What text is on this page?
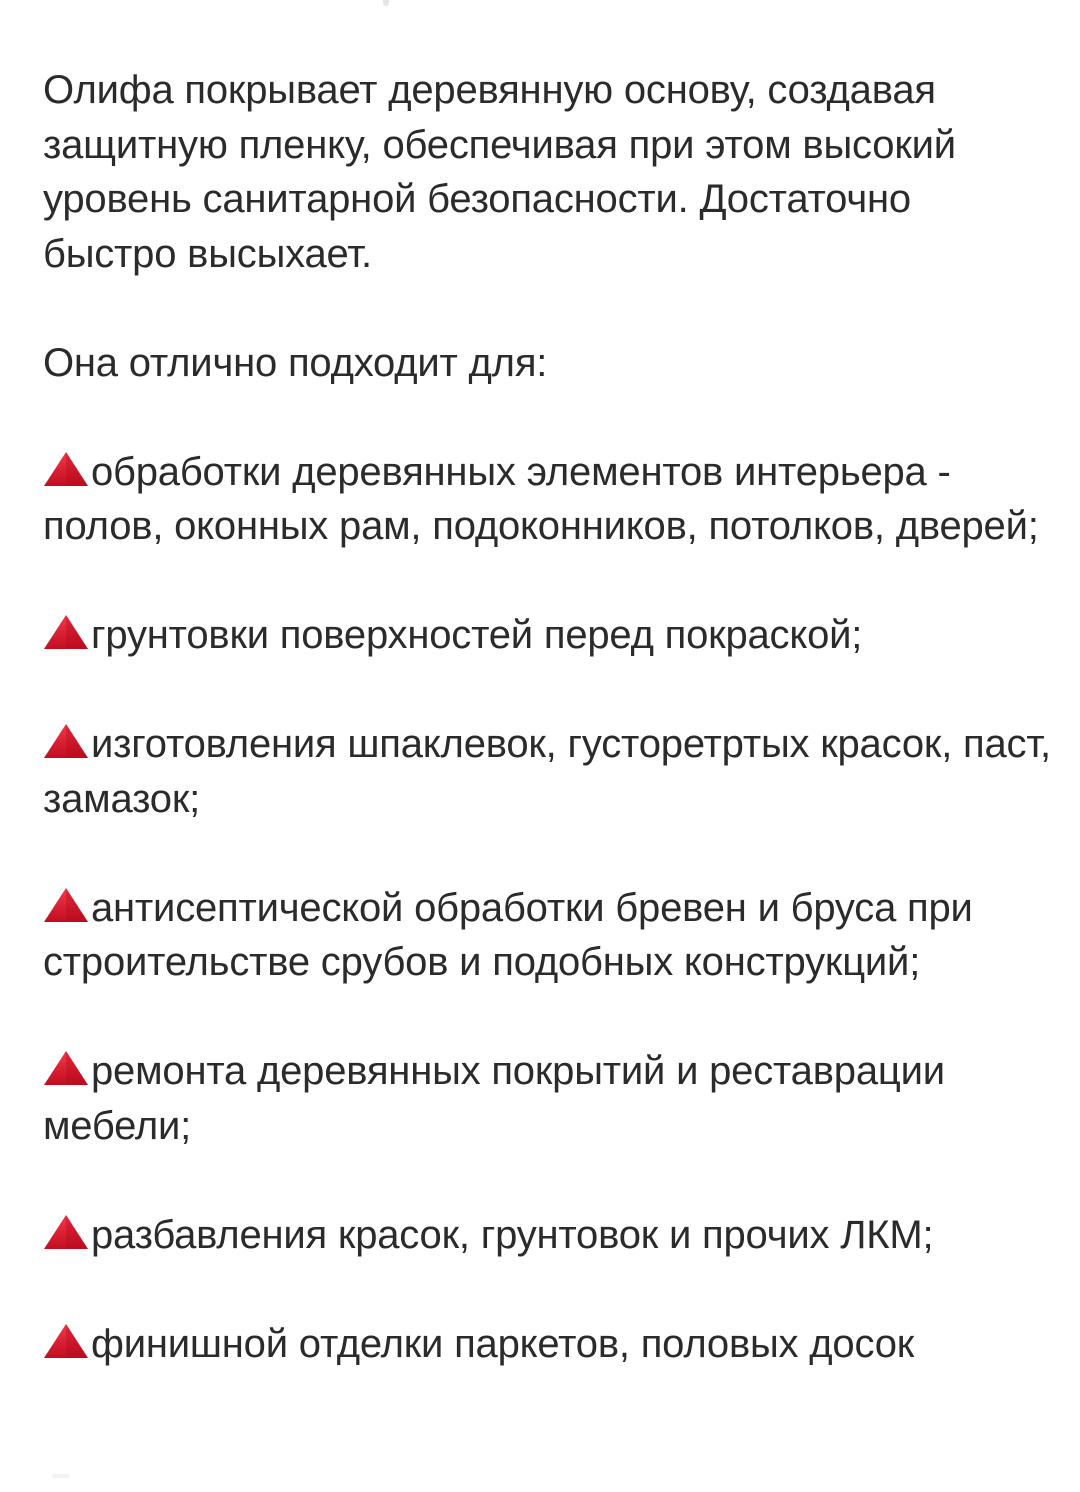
Олифа покрывает деревянную основу, создавая защитную пленку, обеспечивая при этом высокий уровень санитарной безопасности. Достаточно быстро высыхает.

Она отлично подходит для:

обработки деревянных элементов интерьера - полов, оконных рам, подоконников, потолков, дверей;
грунтовки поверхностей перед покраской;
изготовления шпаклевок, густоретртых красок, паст, замазок;
антисептической обработки бревен и бруса при строительстве срубов и подобных конструкций;
ремонта деревянных покрытий и реставрации мебели;
разбавления красок, грунтовок и прочих ЛКМ;
финишной отделки паркетов, половых досок
